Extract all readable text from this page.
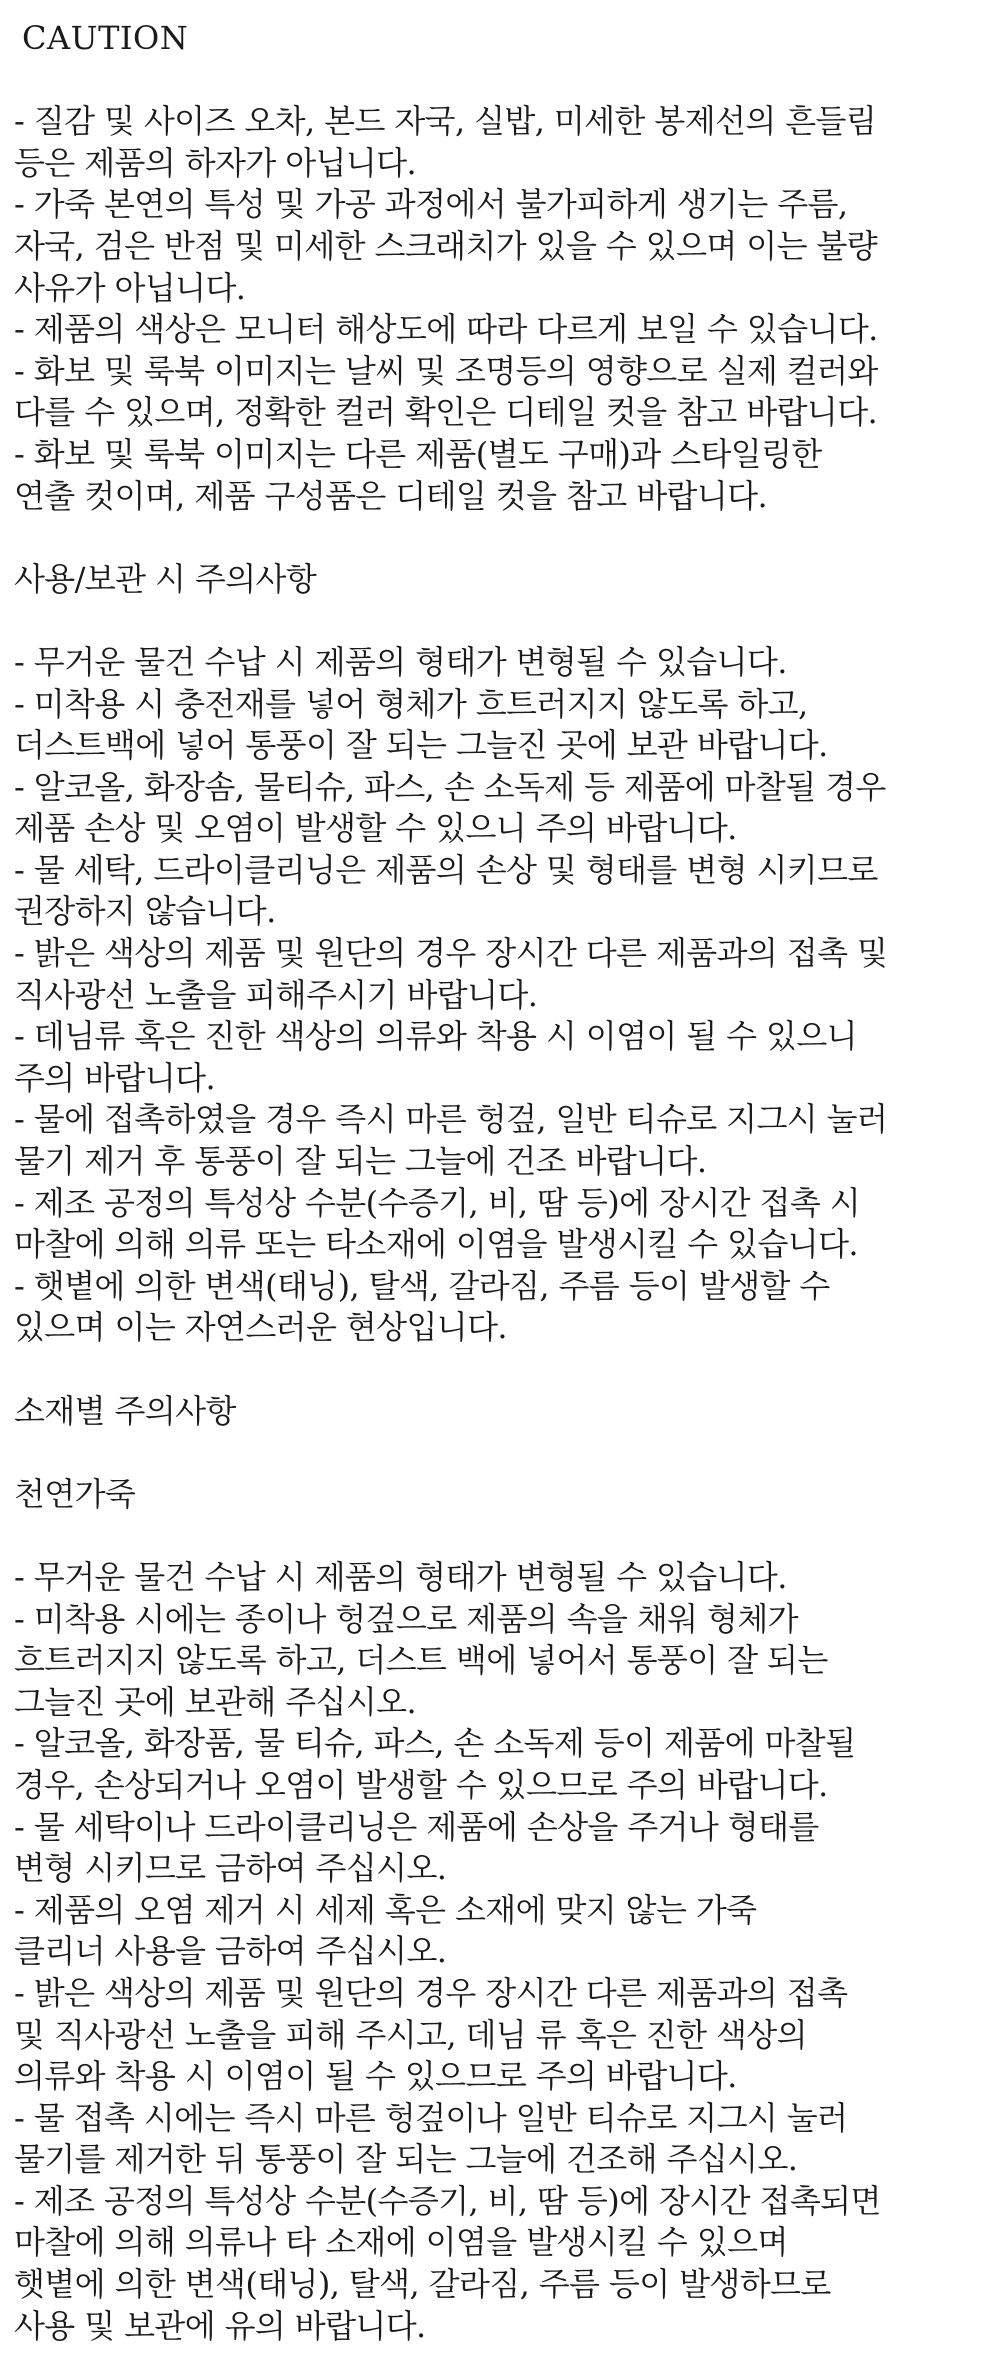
CAUTION
- 질감 및 사이즈 오차, 본드 자국, 실밥, 미세한 봉제선의 흔들림
등은 제품의 하자가 아닙니다.
- 가죽 본연의 특성 및 가공 과정에서 불가피하게 생기는 주름,
자국, 검은 반점 및 미세한 스크래치가 있을 수 있으며 이는 불량
사유가 아닙니다.
- 제품의 색상은 모니터 해상도에 따라 다르게 보일 수 있습니다.
- 화보 및 룩북 이미지는 날씨 및 조명등의 영향으로 실제 컬러와
다를 수 있으며, 정확한 컬러 확인은 디테일 컷을 참고 바랍니다.
- 화보 및 룩북 이미지는 다른 제품(별도 구매)과 스타일링한
연출 컷이며, 제품 구성품은 디테일 컷을 참고 바랍니다.
사용/보관 시 주의사항
- 무거운 물건 수납 시 제품의 형태가 변형될 수 있습니다.
- 미착용 시 충전재를 넣어 형체가 흐트러지지 않도록 하고,
더스트백에 넣어 통풍이 잘 되는 그늘진 곳에 보관 바랍니다.
- 알코올, 화장솜, 물티슈, 파스, 손 소독제 등 제품에 마찰될 경우
제품 손상 및 오염이 발생할 수 있으니 주의 바랍니다.
- 물 세탁, 드라이클리닝은 제품의 손상 및 형태를 변형 시키므로
권장하지 않습니다.
- 밝은 색상의 제품 및 원단의 경우 장시간 다른 제품과의 접촉 및
직사광선 노출을 피해주시기 바랍니다.
- 데님류 혹은 진한 색상의 의류와 착용 시 이염이 될 수 있으니
주의 바랍니다.
- 물에 접촉하였을 경우 즉시 마른 헝겊, 일반 티슈로 지그시 눌러
물기 제거 후 통풍이 잘 되는 그늘에 건조 바랍니다.
- 제조 공정의 특성상 수분(수증기, 비, 땀 등)에 장시간 접촉 시
마찰에 의해 의류 또는 타소재에 이염을 발생시킬 수 있습니다.
- 햇볕에 의한 변색(태닝), 탈색, 갈라짐, 주름 등이 발생할 수
있으며 이는 자연스러운 현상입니다.
소재별 주의사항
천연가죽
- 무거운 물건 수납 시 제품의 형태가 변형될 수 있습니다.
- 미착용 시에는 종이나 헝겊으로 제품의 속을 채워 형체가
흐트러지지 않도록 하고, 더스트 백에 넣어서 통풍이 잘 되는
그늘진 곳에 보관해 주십시오.
- 알코올, 화장품, 물 티슈, 파스, 손 소독제 등이 제품에 마찰될
경우, 손상되거나 오염이 발생할 수 있으므로 주의 바랍니다.
- 물 세탁이나 드라이클리닝은 제품에 손상을 주거나 형태를
변형 시키므로 금하여 주십시오.
- 제품의 오염 제거 시 세제 혹은 소재에 맞지 않는 가죽
클리너 사용을 금하여 주십시오.
- 밝은 색상의 제품 및 원단의 경우 장시간 다른 제품과의 접촉
및 직사광선 노출을 피해 주시고, 데님 류 혹은 진한 색상의
의류와 착용 시 이염이 될 수 있으므로 주의 바랍니다.
- 물 접촉 시에는 즉시 마른 헝겊이나 일반 티슈로 지그시 눌러
물기를 제거한 뒤 통풍이 잘 되는 그늘에 건조해 주십시오.
- 제조 공정의 특성상 수분(수증기, 비, 땀 등)에 장시간 접촉되면
마찰에 의해 의류나 타 소재에 이염을 발생시킬 수 있으며
햇볕에 의한 변색(태닝), 탈색, 갈라짐, 주름 등이 발생하므로
사용 및 보관에 유의 바랍니다.
